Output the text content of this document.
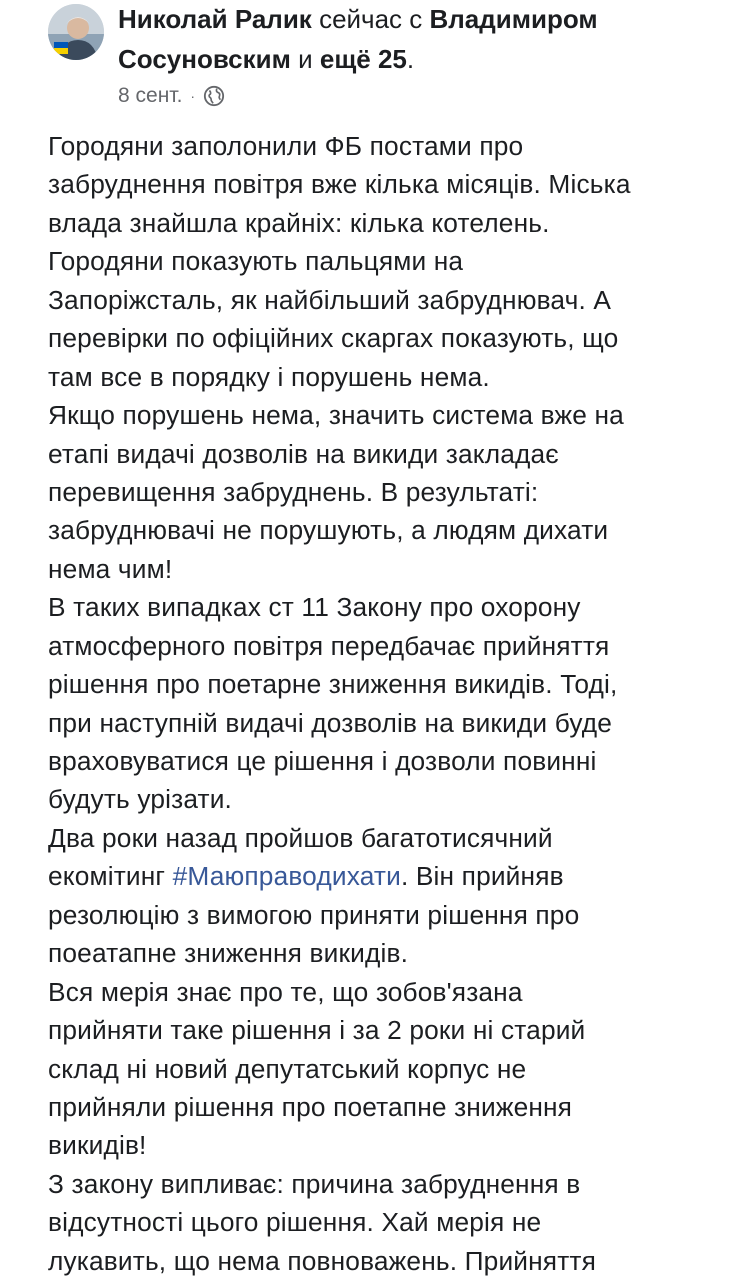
Николай Ралик сейчас с Владимиром
Сосуновским и ещё 25.
8 сент. ·
Городяни заполонили ФБ постами про
забруднення повітря вже кілька місяців. Міська
влада знайшла крайніх: кілька котелень.
Городяни показують пальцями на
Запоріжсталь, як найбільший забруднювач. А
перевірки по офіційних скаргах показують, що
там все в порядку і порушень нема.
Якщо порушень нема, значить система вже на
етапі видачі дозволів на викиди закладає
перевищення забруднень. В результаті:
забруднювачі не порушують, а людям дихати
нема чим!
В таких випадках ст 11 Закону про охорону
атмосферного повітря передбачає прийняття
рішення про поетарне зниження викидів. Тоді,
при наступній видачі дозволів на викиди буде
враховуватися це рішення і дозволи повинні
будуть урізати.
Два роки назад пройшов багатотисячний
екомітинг #Маюправодихати. Він прийняв
резолюцію з вимогою приняти рішення про
поеатапне зниження викидів.
Вся мерія знає про те, що зобов'язана
прийняти таке рішення і за 2 роки ні старий
склад ні новий депутатський корпус не
прийняли рішення про поетапне зниження
викидів!
З закону випливає: причина забруднення в
відсутності цього рішення. Хай мерія не
лукавить, що нема повноважень. Прийняття
